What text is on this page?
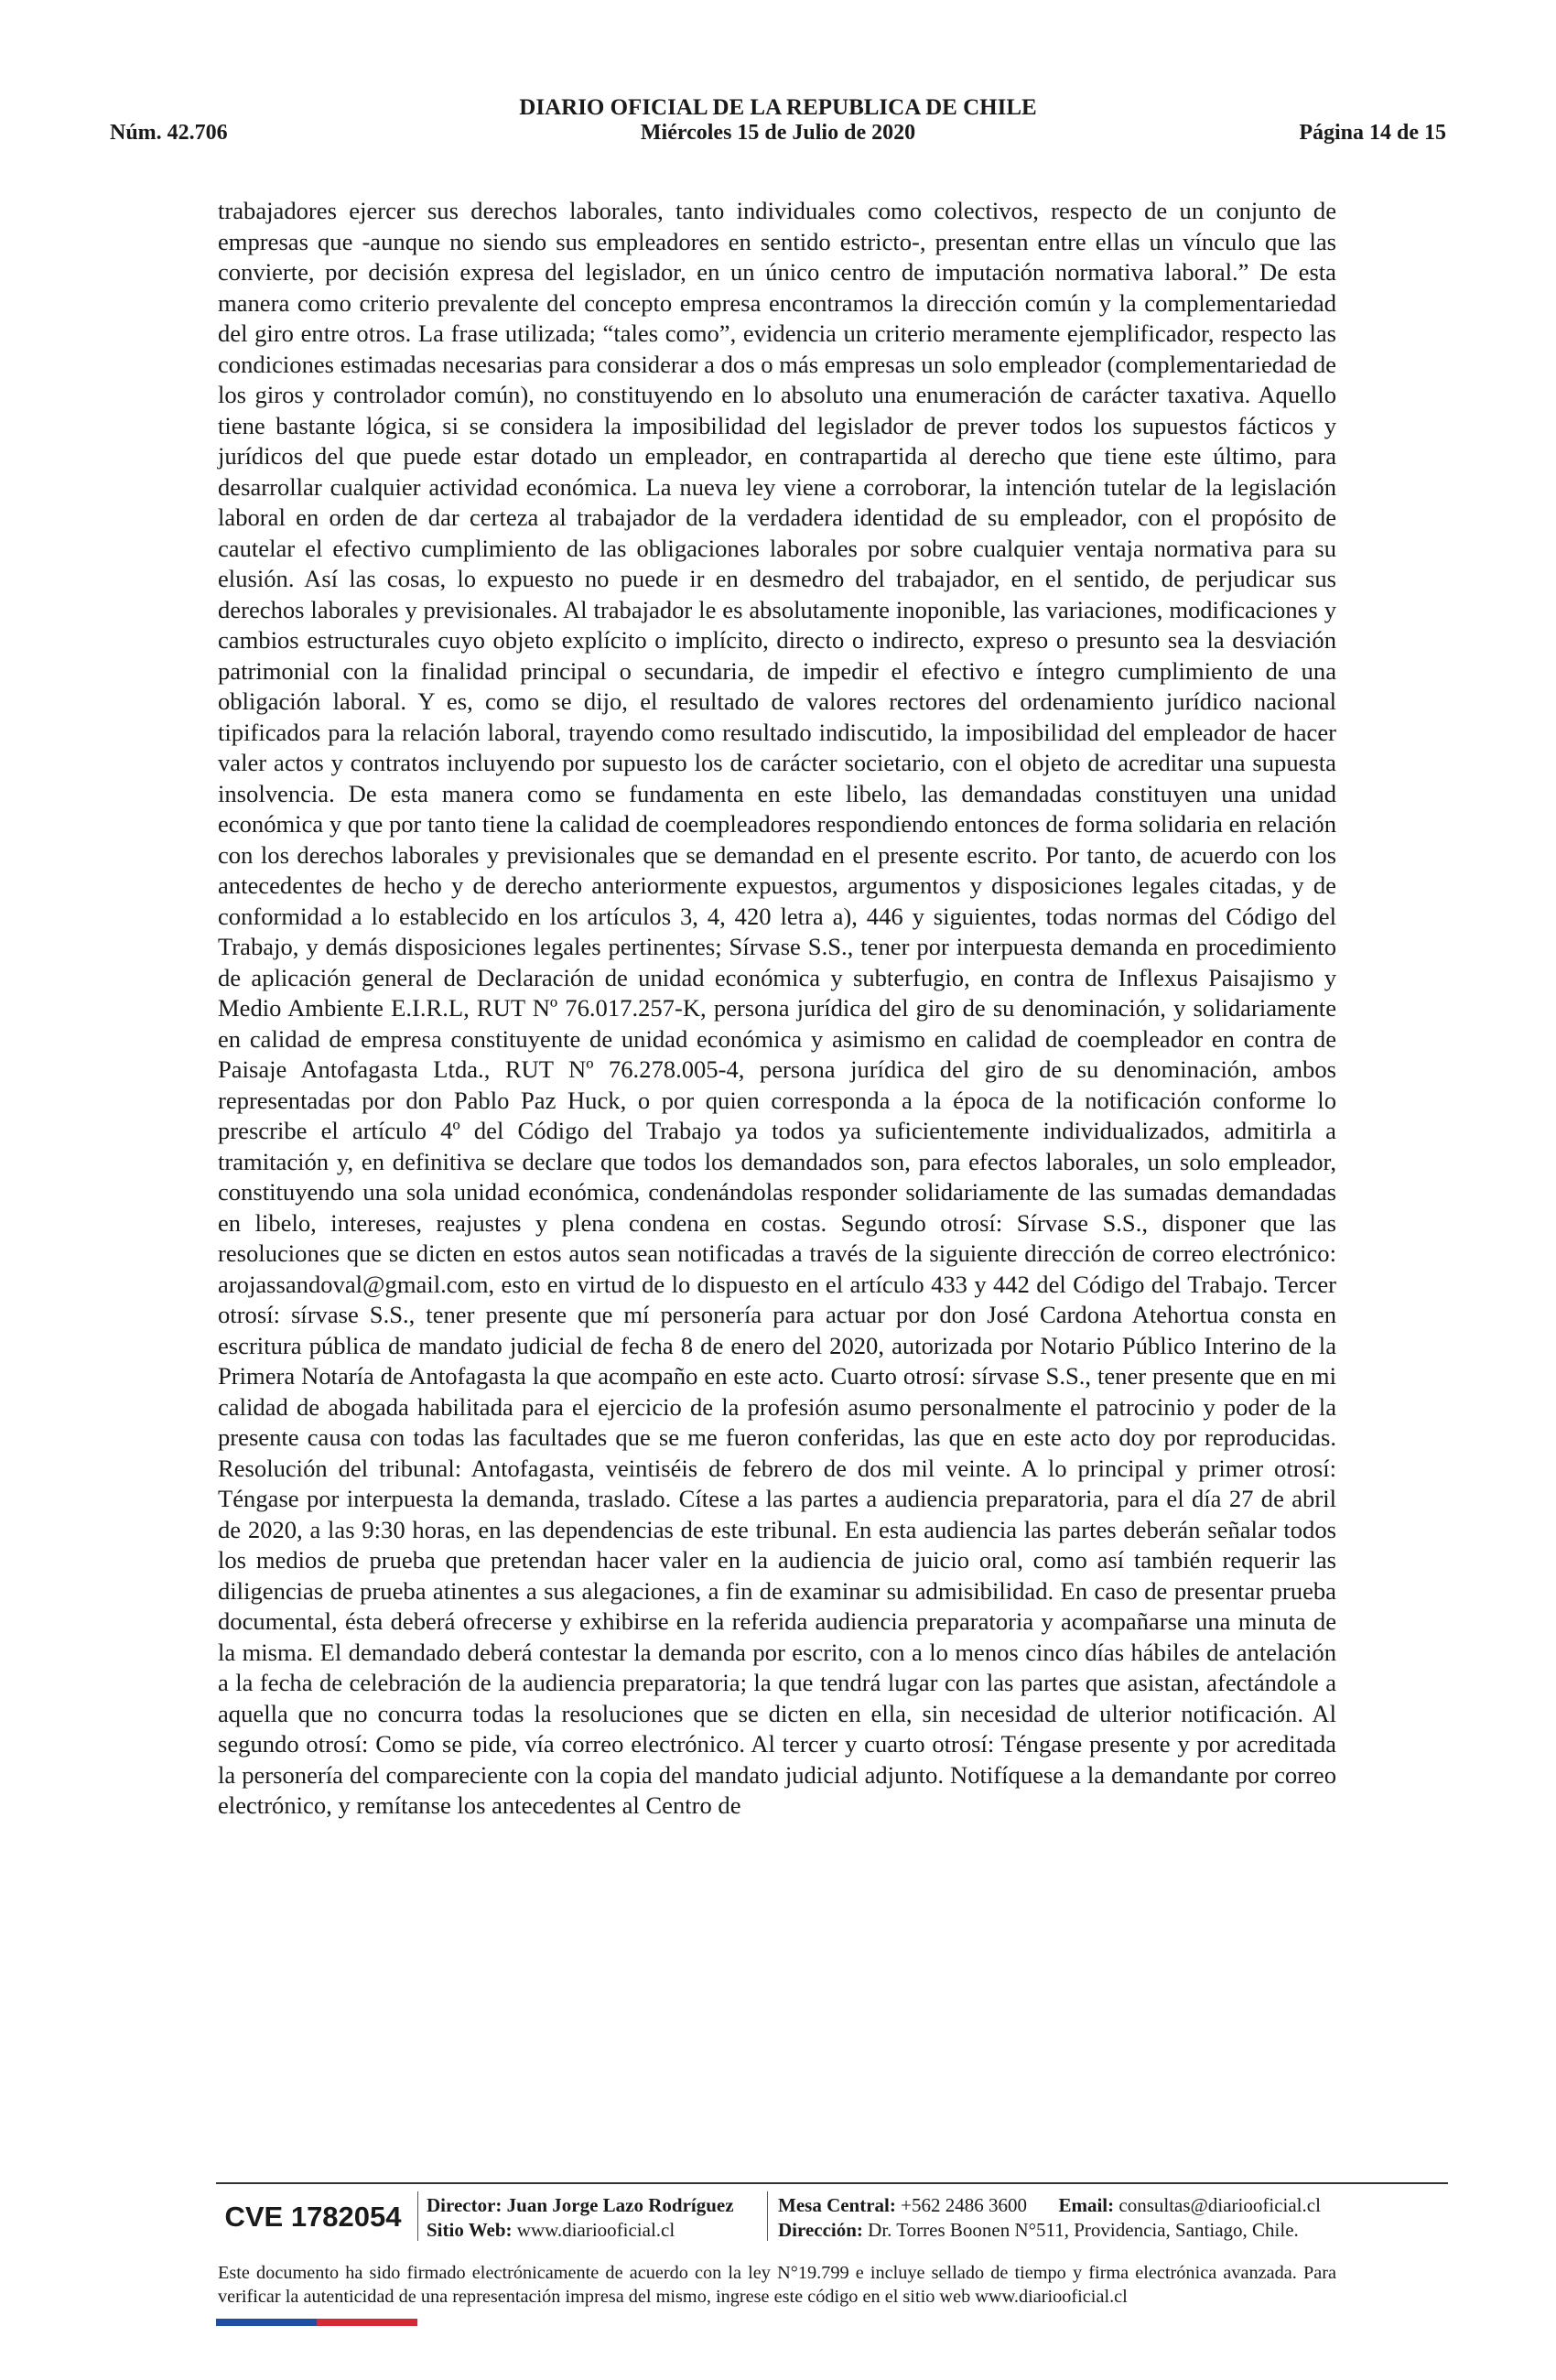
DIARIO OFICIAL DE LA REPUBLICA DE CHILE
Núm. 42.706	Miércoles 15 de Julio de 2020	Página 14 de 15

trabajadores ejercer sus derechos laborales, tanto individuales como colectivos, respecto de un conjunto de empresas que -aunque no siendo sus empleadores en sentido estricto-, presentan entre ellas un vínculo que las convierte, por decisión expresa del legislador, en un único centro de imputación normativa laboral.” De esta manera como criterio prevalente del concepto empresa encontramos la dirección común y la complementariedad del giro entre otros. La frase utilizada; “tales como”, evidencia un criterio meramente ejemplificador, respecto las condiciones estimadas necesarias para considerar a dos o más empresas un solo empleador (complementariedad de los giros y controlador común), no constituyendo en lo absoluto una enumeración de carácter taxativa. Aquello tiene bastante lógica, si se considera la imposibilidad del legislador de prever todos los supuestos fácticos y jurídicos del que puede estar dotado un empleador, en contrapartida al derecho que tiene este último, para desarrollar cualquier actividad económica. La nueva ley viene a corroborar, la intención tutelar de la legislación laboral en orden de dar certeza al trabajador de la verdadera identidad de su empleador, con el propósito de cautelar el efectivo cumplimiento de las obligaciones laborales por sobre cualquier ventaja normativa para su elusión. Así las cosas, lo expuesto no puede ir en desmedro del trabajador, en el sentido, de perjudicar sus derechos laborales y previsionales. Al trabajador le es absolutamente inoponible, las variaciones, modificaciones y cambios estructurales cuyo objeto explícito o implícito, directo o indirecto, expreso o presunto sea la desviación patrimonial con la finalidad principal o secundaria, de impedir el efectivo e íntegro cumplimiento de una obligación laboral. Y es, como se dijo, el resultado de valores rectores del ordenamiento jurídico nacional tipificados para la relación laboral, trayendo como resultado indiscutido, la imposibilidad del empleador de hacer valer actos y contratos incluyendo por supuesto los de carácter societario, con el objeto de acreditar una supuesta insolvencia. De esta manera como se fundamenta en este libelo, las demandadas constituyen una unidad económica y que por tanto tiene la calidad de coempleadores respondiendo entonces de forma solidaria en relación con los derechos laborales y previsionales que se demandad en el presente escrito. Por tanto, de acuerdo con los antecedentes de hecho y de derecho anteriormente expuestos, argumentos y disposiciones legales citadas, y de conformidad a lo establecido en los artículos 3, 4, 420 letra a), 446 y siguientes, todas normas del Código del Trabajo, y demás disposiciones legales pertinentes; Sírvase S.S., tener por interpuesta demanda en procedimiento de aplicación general de Declaración de unidad económica y subterfugio, en contra de Inflexus Paisajismo y Medio Ambiente E.I.R.L, RUT Nº 76.017.257-K, persona jurídica del giro de su denominación, y solidariamente en calidad de empresa constituyente de unidad económica y asimismo en calidad de coempleador en contra de Paisaje Antofagasta Ltda., RUT Nº 76.278.005-4, persona jurídica del giro de su denominación, ambos representadas por don Pablo Paz Huck, o por quien corresponda a la época de la notificación conforme lo prescribe el artículo 4º del Código del Trabajo ya todos ya suficientemente individualizados, admitirla a tramitación y, en definitiva se declare que todos los demandados son, para efectos laborales, un solo empleador, constituyendo una sola unidad económica, condenándolas responder solidariamente de las sumadas demandadas en libelo, intereses, reajustes y plena condena en costas. Segundo otrosí: Sírvase S.S., disponer que las resoluciones que se dicten en estos autos sean notificadas a través de la siguiente dirección de correo electrónico: arojassandoval@gmail.com, esto en virtud de lo dispuesto en el artículo 433 y 442 del Código del Trabajo. Tercer otrosí: sírvase S.S., tener presente que mí personería para actuar por don José Cardona Atehortua consta en escritura pública de mandato judicial de fecha 8 de enero del 2020, autorizada por Notario Público Interino de la Primera Notaría de Antofagasta la que acompaño en este acto. Cuarto otrosí: sírvase S.S., tener presente que en mi calidad de abogada habilitada para el ejercicio de la profesión asumo personalmente el patrocinio y poder de la presente causa con todas las facultades que se me fueron conferidas, las que en este acto doy por reproducidas. Resolución del tribunal: Antofagasta, veintiséis de febrero de dos mil veinte. A lo principal y primer otrosí: Téngase por interpuesta la demanda, traslado. Cítese a las partes a audiencia preparatoria, para el día 27 de abril de 2020, a las 9:30 horas, en las dependencias de este tribunal. En esta audiencia las partes deberán señalar todos los medios de prueba que pretendan hacer valer en la audiencia de juicio oral, como así también requerir las diligencias de prueba atinentes a sus alegaciones, a fin de examinar su admisibilidad. En caso de presentar prueba documental, ésta deberá ofrecerse y exhibirse en la referida audiencia preparatoria y acompañarse una minuta de la misma. El demandado deberá contestar la demanda por escrito, con a lo menos cinco días hábiles de antelación a la fecha de celebración de la audiencia preparatoria; la que tendrá lugar con las partes que asistan, afectándole a aquella que no concurra todas la resoluciones que se dicten en ella, sin necesidad de ulterior notificación. Al segundo otrosí: Como se pide, vía correo electrónico. Al tercer y cuarto otrosí: Téngase presente y por acreditada la personería del compareciente con la copia del mandato judicial adjunto. Notifíquese a la demandante por correo electrónico, y remítanse los antecedentes al Centro de

CVE 1782054	Director: Juan Jorge Lazo Rodríguez
Sitio Web: www.diariooficial.cl
Mesa Central: +562 2486 3600 Email: consultas@diariooficial.cl
Dirección: Dr. Torres Boonen N°511, Providencia, Santiago, Chile.
Este documento ha sido firmado electrónicamente de acuerdo con la ley N°19.799 e incluye sellado de tiempo y firma electrónica avanzada. Para verificar la autenticidad de una representación impresa del mismo, ingrese este código en el sitio web www.diariooficial.cl
